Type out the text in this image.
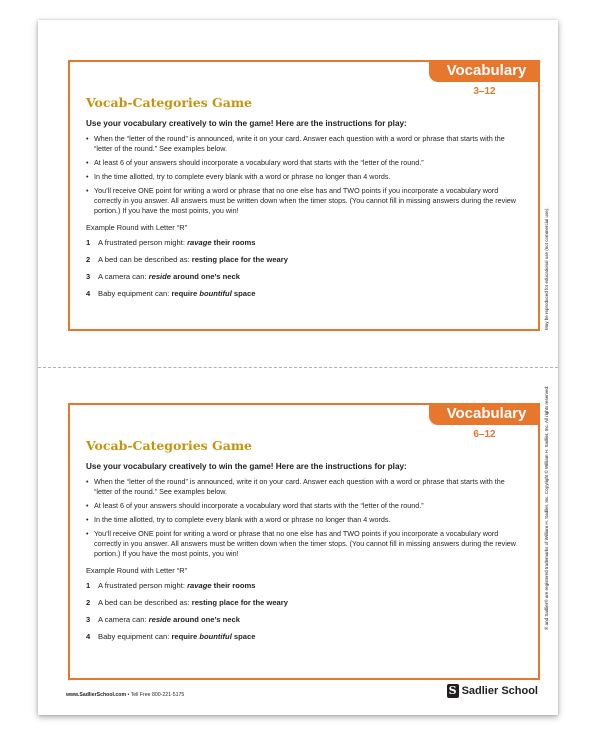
Vocabulary
3–12
Vocab-Categories Game
Use your vocabulary creatively to win the game! Here are the instructions for play:
• When the “letter of the round” is announced, write it on your card. Answer each question with a word or phrase that starts with the “letter of the round.” See examples below.
• At least 6 of your answers should incorporate a vocabulary word that starts with the “letter of the round.”
• In the time allotted, try to complete every blank with a word or phrase no longer than 4 words.
• You’ll receive ONE point for writing a word or phrase that no one else has and TWO points if you incorporate a vocabulary word correctly in you answer. All answers must be written down when the timer stops. (You cannot fill in missing answers during the review portion.) If you have the most points, you win!
Example Round with Letter “R”
1	A frustrated person might: ravage their rooms
2	A bed can be described as: resting place for the weary
3	A camera can: reside around one’s neck
4	Baby equipment can: require bountiful space
Vocabulary
6–12
Vocab-Categories Game
Use your vocabulary creatively to win the game! Here are the instructions for play:
• When the “letter of the round” is announced, write it on your card. Answer each question with a word or phrase that starts with the “letter of the round.” See examples below.
• At least 6 of your answers should incorporate a vocabulary word that starts with the “letter of the round.”
• In the time allotted, try to complete every blank with a word or phrase no longer than 4 words.
• You’ll receive ONE point for writing a word or phrase that no one else has and TWO points if you incorporate a vocabulary word correctly in you answer. All answers must be written down when the timer stops. (You cannot fill in missing answers during the review portion.) If you have the most points, you win!
Example Round with Letter “R”
1	A frustrated person might: ravage their rooms
2	A bed can be described as: resting place for the weary
3	A camera can: reside around one’s neck
4	Baby equipment can: require bountiful space
May be reproduced for educational use (not commercial use).
® and Sadlier® are registered trademarks of William H. Sadlier, Inc. Copyright © William H. Sadlier, Inc. All rights reserved.
www.SadlierSchool.com • Tell Free 800-221-5175	S Sadlier School
